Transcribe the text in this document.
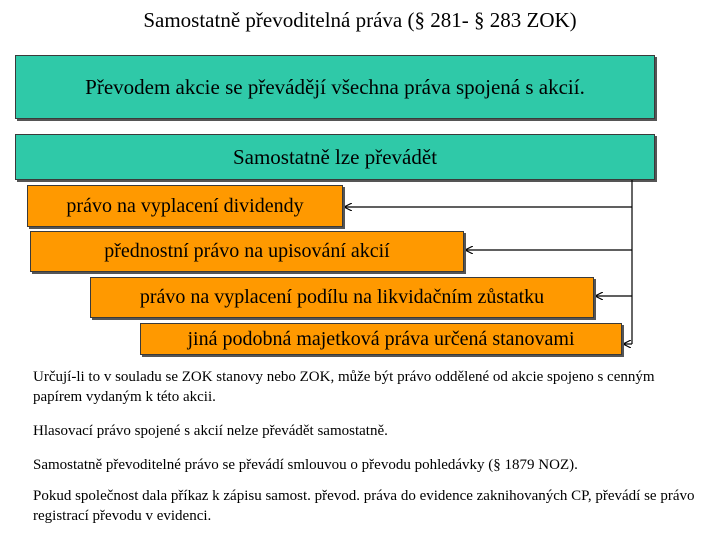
Samostatně převoditelná práva (§ 281- § 283 ZOK)
Převodem akcie se převádějí všechna práva spojená s akcií.
Samostatně lze převádět
právo na vyplacení dividendy
přednostní právo na upisování akcií
právo na vyplacení podílu na likvidačním zůstatku
jiná podobná majetková práva určená stanovami
Určují-li to v souladu se ZOK stanovy nebo ZOK, může být právo oddělené od akcie spojeno s cenným papírem vydaným k této akcii.
Hlasovací právo spojené s akcií nelze převádět samostatně.
Samostatně převoditelné právo se převádí smlouvou o převodu pohledávky (§ 1879 NOZ).
Pokud společnost dala příkaz k zápisu samost. převod. práva do evidence zaknihovaných CP, převádí se právo registrací převodu v evidenci.
